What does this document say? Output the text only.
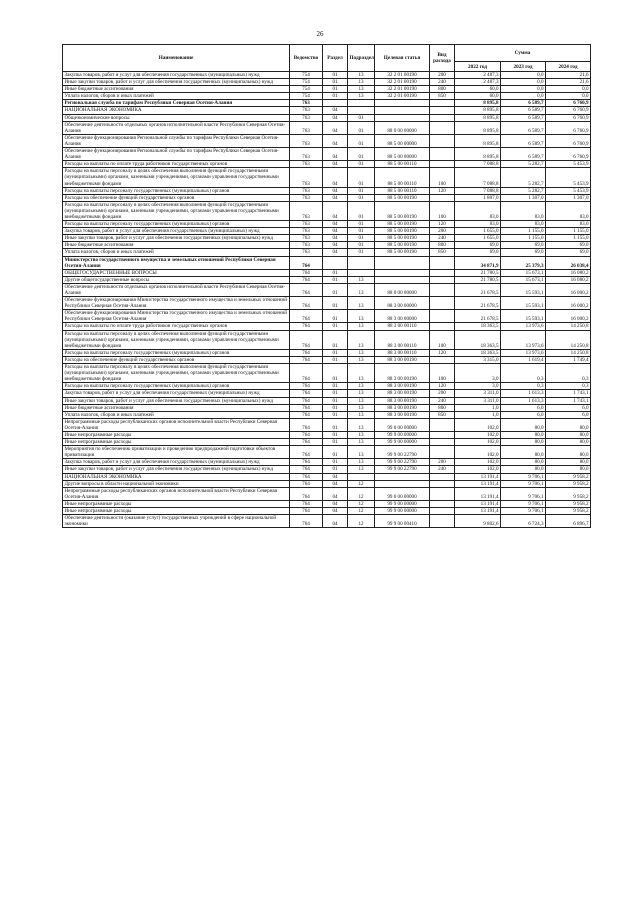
26
Наименование	Ведомство	Раздел	Подраздел	Целевая статья	Вид расхода	Сумма		
						2022 год	2023 год	2024 год
Закупка товаров, работ и услуг для обеспечения государственных (муниципальных) нужд	754	01	13	32 2 01 00190	200	2 487,3	0,0	21,6
Иные закупки товаров, работ и услуг для обеспечения государственных (муниципальных) нужд	754	01	13	32 2 01 00190	240	2 487,3	0,0	21,6
Иные бюджетные ассигнования	754	01	13	32 2 01 00190	800	60,0	0,0	0,0
Уплата налогов, сборов и иных платежей	754	01	13	32 2 01 00190	850	60,0	0,0	0,0
Региональная служба по тарифам Республики Северная Осетия-Алания	763					8 895,8	6 589,7	6 760,9
НАЦИОНАЛЬНАЯ ЭКОНОМИКА	763	04				8 895,8	6 589,7	6 760,9
Общеэкономические вопросы	763	04	01			8 895,8	6 589,7	6 760,9
Обеспечение деятельности отдельных органов исполнительной власти Республики Северная Осетия-Алания	763	04	01	88 0 00 00000		8 895,8	6 589,7	6 760,9
Обеспечение функционирования Региональной службы по тарифам Республики Северная Осетия-Алания	763	04	01	88 5 00 00000		8 895,8	6 589,7	6 760,9
Обеспечение функционирования Региональной службы по тарифам Республики Северная Осетия-Алания	763	04	01	88 5 00 00000		8 895,8	6 589,7	6 760,9
Расходы на выплаты по оплате труда работников государственных органов	763	04	01	88 5 00 00110		7 088,8	5 282,7	5 453,9
Расходы на выплаты персоналу в целях обеспечения выполнения функций государственными (муниципальными) органами, казенными учреждениями, органами управления государственными внебюджетными фондами	763	04	01	88 5 00 00110	100	7 088,8	5 282,7	5 453,9
Расходы на выплаты персоналу государственных (муниципальных) органов	763	04	01	88 5 00 00110	120	7 088,8	5 282,7	5 453,9
Расходы на обеспечение функций государственных органов	763	04	01	88 5 00 00190		1 807,0	1 307,0	1 307,0
Расходы на выплаты персоналу в целях обеспечения выполнения функций государственными (муниципальными) органами, казенными учреждениями, органами управления государственными внебюджетными фондами	763	04	01	88 5 00 00190	100	83,0	83,0	83,0
Расходы на выплаты персоналу государственных (муниципальных) органов	763	04	01	88 5 00 00190	120	83,0	83,0	83,0
Закупка товаров, работ и услуг для обеспечения государственных (муниципальных) нужд	763	04	01	88 5 00 00190	200	1 655,0	1 155,0	1 155,0
Иные закупки товаров, работ и услуг для обеспечения государственных (муниципальных) нужд	763	04	01	88 5 00 00190	240	1 655,0	1 155,0	1 155,0
Иные бюджетные ассигнования	763	04	01	88 5 00 00190	800	69,0	69,0	69,0
Уплата налогов, сборов и иных платежей	763	04	01	88 5 00 00190	850	69,0	69,0	69,0
Министерство государственного имущества и земельных отношений Республики Северная Осетия-Алания	764					34 871,9	25 379,3	26 038,4
ОБЩЕГОСУДАРСТВЕННЫЕ ВОПРОСЫ	764	01				21 780,5	15 673,1	16 080,2
Другие общегосударственные вопросы	764	01	13			21 780,5	15 673,1	16 080,2
Обеспечение деятельности отдельных органов исполнительной власти Республики Северная Осетия-Алания	764	01	13	88 0 00 00000		21 678,5	15 593,1	16 000,2
Обеспечение функционирования Министерства государственного имущества и земельных отношений Республики Северная Осетия-Алания	764	01	13	88 3 00 00000		21 678,5	15 593,1	16 000,2
Обеспечение функционирования Министерства государственного имущества и земельных отношений Республики Северная Осетия-Алания	764	01	13	88 3 00 00000		21 678,5	15 593,1	16 000,2
Расходы на выплаты по оплате труда работников государственных органов	764	01	13	88 3 00 00110		18 363,5	13 973,6	14 250,8
Расходы на выплаты персоналу в целях обеспечения выполнения функций государственными (муниципальными) органами, казенными учреждениями, органами управления государственными внебюджетными фондами	764	01	13	88 3 00 00110	100	18 363,5	13 973,6	14 250,8
Расходы на выплаты персоналу государственных (муниципальных) органов	764	01	13	88 3 00 00110	120	18 363,5	13 973,6	14 250,8
Расходы на обеспечение функций государственных органов	764	01	13	88 3 00 00190		3 315,0	1 619,4	1 749,4
Расходы на выплаты персоналу в целях обеспечения выполнения функций государственными (муниципальными) органами, казенными учреждениями, органами управления государственными внебюджетными фондами	764	01	13	88 3 00 00190	100	3,0	0,3	0,3
Расходы на выплаты персоналу государственных (муниципальных) органов	764	01	13	88 3 00 00190	120	3,0	0,3	0,3
Закупка товаров, работ и услуг для обеспечения государственных (муниципальных) нужд	764	01	13	88 3 00 00190	200	3 311,0	1 613,3	1 743,1
Иные закупки товаров, работ и услуг для обеспечения государственных (муниципальных) нужд	764	01	13	88 3 00 00190	240	3 311,0	1 613,3	1 743,1
Иные бюджетные ассигнования	764	01	13	88 3 00 00190	800	1,0	6,0	6,0
Уплата налогов, сборов и иных платежей	764	01	13	88 3 00 00190	850	1,0	6,0	6,0
Непрограммные расходы республиканских органов исполнительной власти Республики Северная Осетия-Алания	764	01	13	99 0 00 00000		102,0	80,0	80,0
Иные непрограммные расходы	764	01	13	99 9 00 00000		102,0	80,0	80,0
Иные непрограммные расходы	764	01	13	99 9 00 00000		102,0	80,0	80,0
Мероприятия по обеспечению приватизации и проведению предпродажной подготовки объектов приватизации	764	01	13	99 9 00 22790		102,0	80,0	80,0
Закупка товаров, работ и услуг для обеспечения государственных (муниципальных) нужд	764	01	13	99 9 00 22790	200	102,0	80,0	80,0
Иные закупки товаров, работ и услуг для обеспечения государственных (муниципальных) нужд	764	01	13	99 9 00 22790	240	102,0	80,0	80,0
НАЦИОНАЛЬНАЯ ЭКОНОМИКА	764	04				13 191,4	9 706,1	9 958,2
Другие вопросы в области национальной экономики	764	04	12			13 191,4	9 706,1	9 958,2
Непрограммные расходы республиканских органов исполнительной власти Республики Северная Осетия-Алания	764	04	12	99 0 00 00000		13 191,4	9 706,1	9 958,2
Иные непрограммные расходы	764	04	12	99 9 00 00000		13 191,4	9 706,1	9 958,2
Иные непрограммные расходы	764	04	12	99 9 00 00000		13 191,4	9 706,1	9 958,2
Обеспечение деятельности (оказание услуг) государственных учреждений в сфере национальной экономики	764	04	12	99 9 00 00410		9 802,6	6 724,3	6 896,7
